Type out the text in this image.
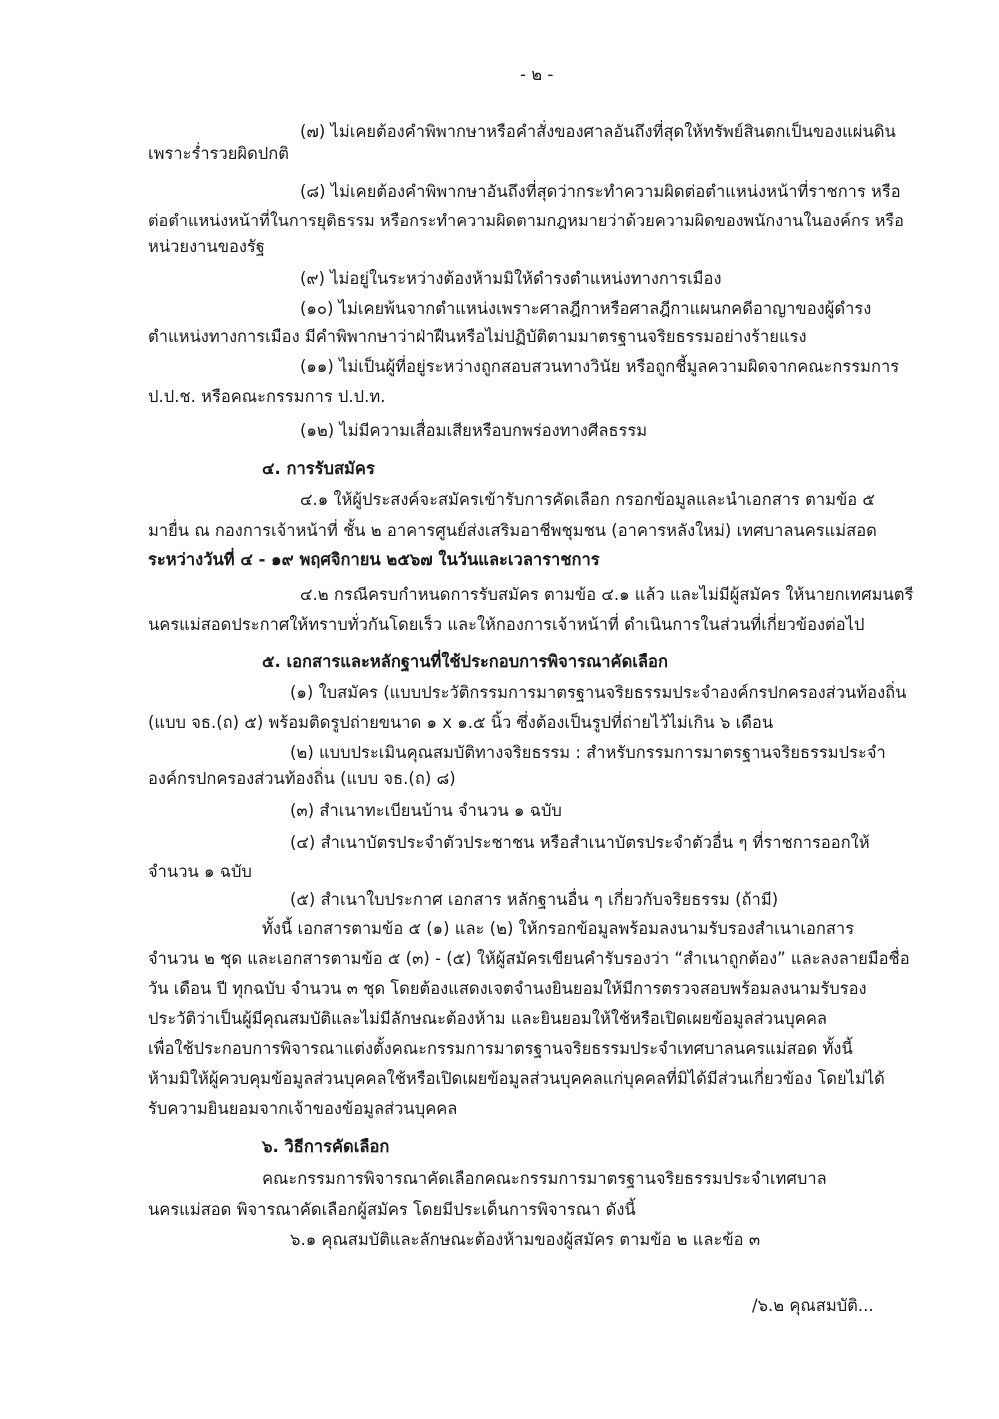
- ๒ -

(๗) ไม่เคยต้องคำพิพากษาหรือคำสั่งของศาลอันถึงที่สุดให้ทรัพย์สินตกเป็นของแผ่นดิน

เพราะร่ำรวยผิดปกติ

(๘) ไม่เคยต้องคำพิพากษาอันถึงที่สุดว่ากระทำความผิดต่อตำแหน่งหน้าที่ราชการ หรือ

ต่อตำแหน่งหน้าที่ในการยุติธรรม หรือกระทำความผิดตามกฎหมายว่าด้วยความผิดของพนักงานในองค์กร หรือ

หน่วยงานของรัฐ

(๙) ไม่อยู่ในระหว่างต้องห้ามมิให้ดำรงตำแหน่งทางการเมือง

(๑๐) ไม่เคยพ้นจากตำแหน่งเพราะศาลฎีกาหรือศาลฎีกาแผนกคดีอาญาของผู้ดำรง

ตำแหน่งทางการเมือง มีคำพิพากษาว่าฝ่าฝืนหรือไม่ปฏิบัติตามมาตรฐานจริยธรรมอย่างร้ายแรง

(๑๑) ไม่เป็นผู้ที่อยู่ระหว่างถูกสอบสวนทางวินัย หรือถูกชี้มูลความผิดจากคณะกรรมการ

ป.ป.ช. หรือคณะกรรมการ ป.ป.ท.

(๑๒) ไม่มีความเสื่อมเสียหรือบกพร่องทางศีลธรรม

๔. การรับสมัคร

๔.๑ ให้ผู้ประสงค์จะสมัครเข้ารับการคัดเลือก กรอกข้อมูลและนำเอกสาร ตามข้อ ๕

มายื่น ณ กองการเจ้าหน้าที่ ชั้น ๒ อาคารศูนย์ส่งเสริมอาชีพชุมชน (อาคารหลังใหม่) เทศบาลนครแม่สอด

ระหว่างวันที่ ๔ - ๑๙ พฤศจิกายน ๒๕๖๗ ในวันและเวลาราชการ

๔.๒ กรณีครบกำหนดการรับสมัคร ตามข้อ ๔.๑ แล้ว และไม่มีผู้สมัคร ให้นายกเทศมนตรี

นครแม่สอดประกาศให้ทราบทั่วกันโดยเร็ว และให้กองการเจ้าหน้าที่ ดำเนินการในส่วนที่เกี่ยวข้องต่อไป

๕. เอกสารและหลักฐานที่ใช้ประกอบการพิจารณาคัดเลือก

(๑) ใบสมัคร (แบบประวัติกรรมการมาตรฐานจริยธรรมประจำองค์กรปกครองส่วนท้องถิ่น

(แบบ จธ.(ถ) ๕) พร้อมติดรูปถ่ายขนาด ๑ x ๑.๕ นิ้ว ซึ่งต้องเป็นรูปที่ถ่ายไว้ไม่เกิน ๖ เดือน

(๒) แบบประเมินคุณสมบัติทางจริยธรรม : สำหรับกรรมการมาตรฐานจริยธรรมประจำ

องค์กรปกครองส่วนท้องถิ่น (แบบ จธ.(ถ) ๘)

(๓) สำเนาทะเบียนบ้าน จำนวน ๑ ฉบับ

(๔) สำเนาบัตรประจำตัวประชาชน หรือสำเนาบัตรประจำตัวอื่น ๆ ที่ราชการออกให้

จำนวน ๑ ฉบับ

(๕) สำเนาใบประกาศ เอกสาร หลักฐานอื่น ๆ เกี่ยวกับจริยธรรม (ถ้ามี)

ทั้งนี้ เอกสารตามข้อ ๕ (๑) และ (๒) ให้กรอกข้อมูลพร้อมลงนามรับรองสำเนาเอกสาร

จำนวน ๒ ชุด และเอกสารตามข้อ ๕ (๓) - (๕) ให้ผู้สมัครเขียนคำรับรองว่า “สำเนาถูกต้อง” และลงลายมือชื่อ

วัน เดือน ปี ทุกฉบับ จำนวน ๓ ชุด โดยต้องแสดงเจตจำนงยินยอมให้มีการตรวจสอบพร้อมลงนามรับรอง

ประวัติว่าเป็นผู้มีคุณสมบัติและไม่มีลักษณะต้องห้าม และยินยอมให้ใช้หรือเปิดเผยข้อมูลส่วนบุคคล

เพื่อใช้ประกอบการพิจารณาแต่งตั้งคณะกรรมการมาตรฐานจริยธรรมประจำเทศบาลนครแม่สอด ทั้งนี้

ห้ามมิให้ผู้ควบคุมข้อมูลส่วนบุคคลใช้หรือเปิดเผยข้อมูลส่วนบุคคลแก่บุคคลที่มิได้มีส่วนเกี่ยวข้อง โดยไม่ได้

รับความยินยอมจากเจ้าของข้อมูลส่วนบุคคล

๖. วิธีการคัดเลือก

คณะกรรมการพิจารณาคัดเลือกคณะกรรมการมาตรฐานจริยธรรมประจำเทศบาล

นครแม่สอด พิจารณาคัดเลือกผู้สมัคร โดยมีประเด็นการพิจารณา ดังนี้

๖.๑ คุณสมบัติและลักษณะต้องห้ามของผู้สมัคร ตามข้อ ๒ และข้อ ๓

/๖.๒ คุณสมบัติ...
